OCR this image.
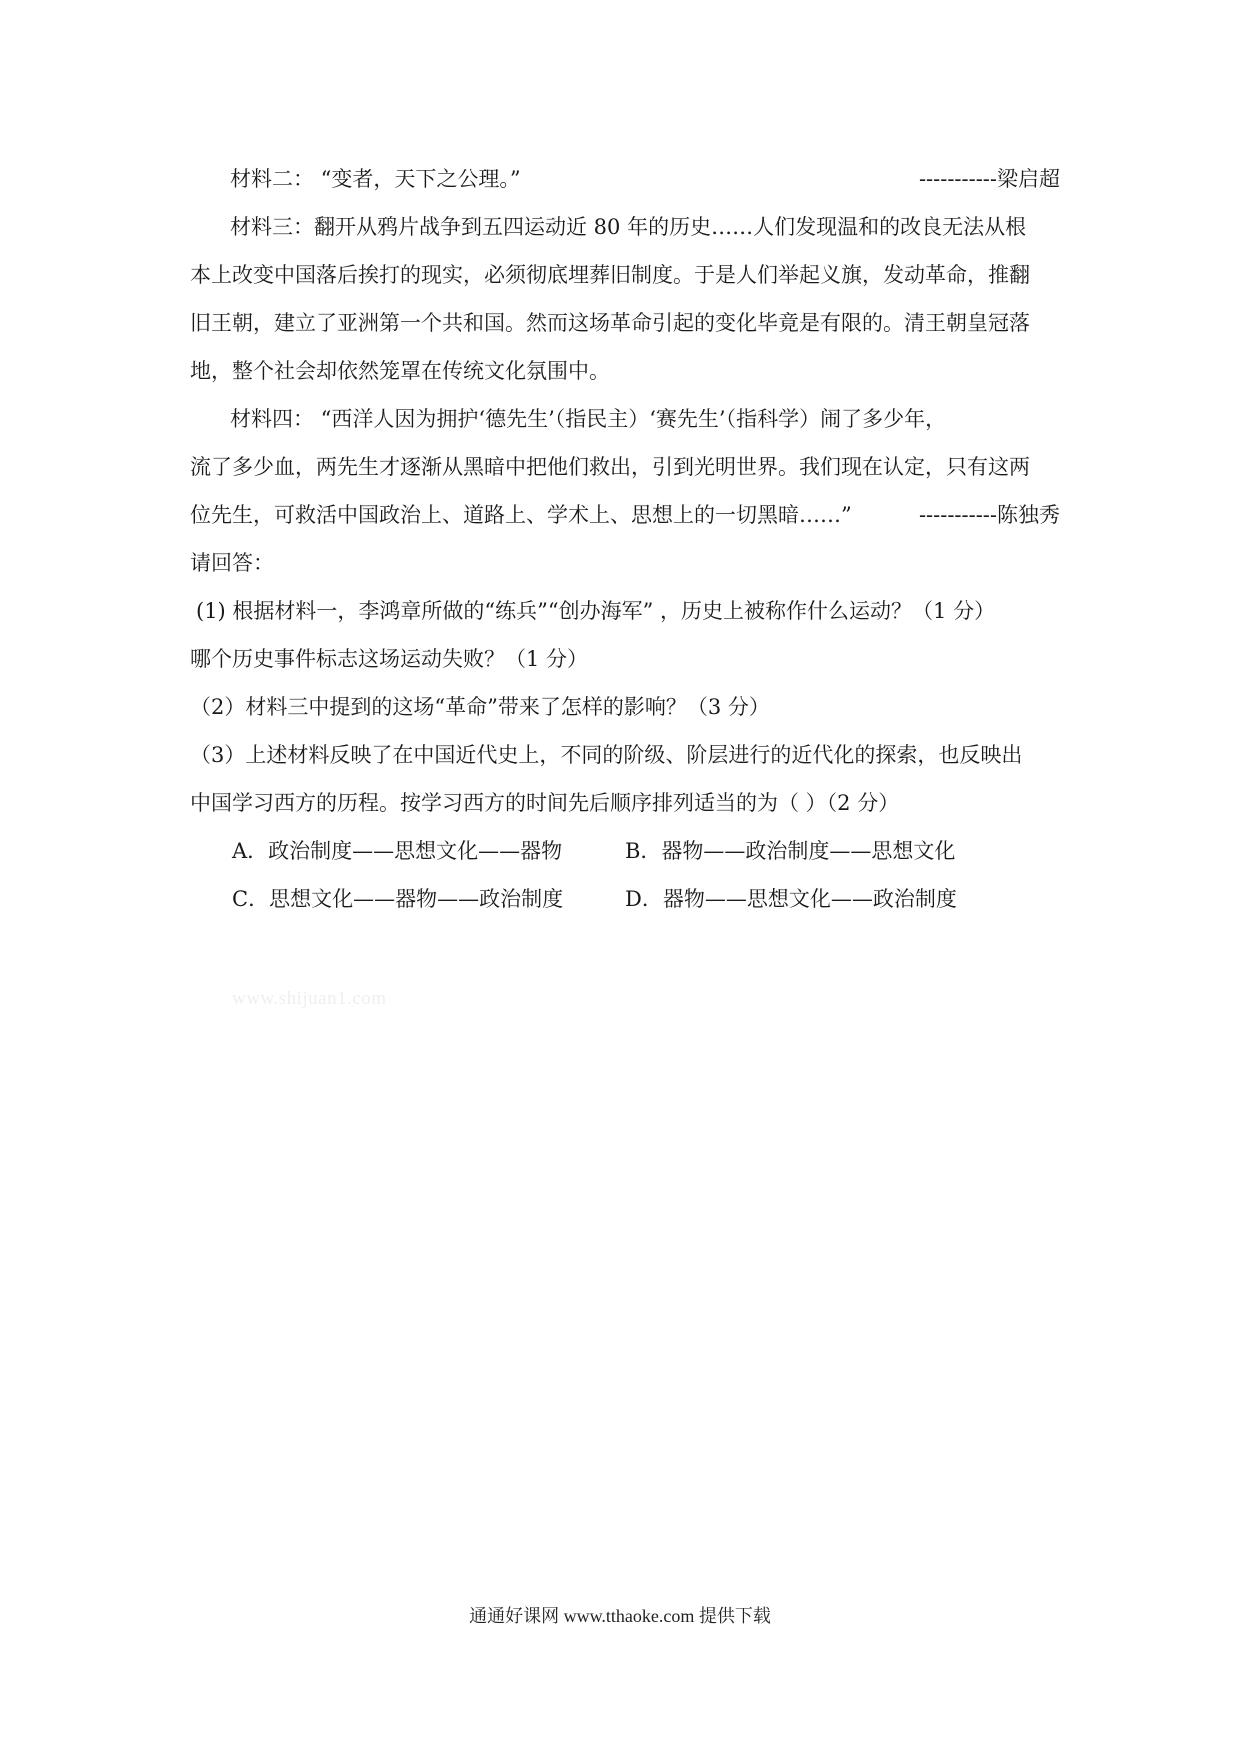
材料二： “变者，天下之公理。”	-----------梁启超
材料三：翻开从鸦片战争到五四运动近 80 年的历史……人们发现温和的改良无法从根
本上改变中国落后挨打的现实，必须彻底埋葬旧制度。于是人们举起义旗，发动革命，推翻
旧王朝，建立了亚洲第一个共和国。然而这场革命引起的变化毕竟是有限的。清王朝皇冠落
地，整个社会却依然笼罩在传统文化氛围中。
材料四： “西洋人因为拥护‘德先生’（指民主）‘赛先生’（指科学）闹了多少年，
流了多少血，两先生才逐渐从黑暗中把他们救出，引到光明世界。我们现在认定，只有这两
位先生，可救活中国政治上、道路上、学术上、思想上的一切黑暗……”	-----------陈独秀
请回答：
(1) 根据材料一，李鸿章所做的“练兵”“创办海军” ，历史上被称作什么运动？（1 分）
哪个历史事件标志这场运动失败？（1 分）
（2）材料三中提到的这场“革命”带来了怎样的影响？（3 分）
（3）上述材料反映了在中国近代史上，不同的阶级、阶层进行的近代化的探索，也反映出
中国学习西方的历程。按学习西方的时间先后顺序排列适当的为（ ）（2 分）
A．政治制度——思想文化——器物	B．器物——政治制度——思想文化
C．思想文化——器物——政治制度	D．器物——思想文化——政治制度
www.shijuan1.com
通通好课网 www.tthaoke.com 提供下载
